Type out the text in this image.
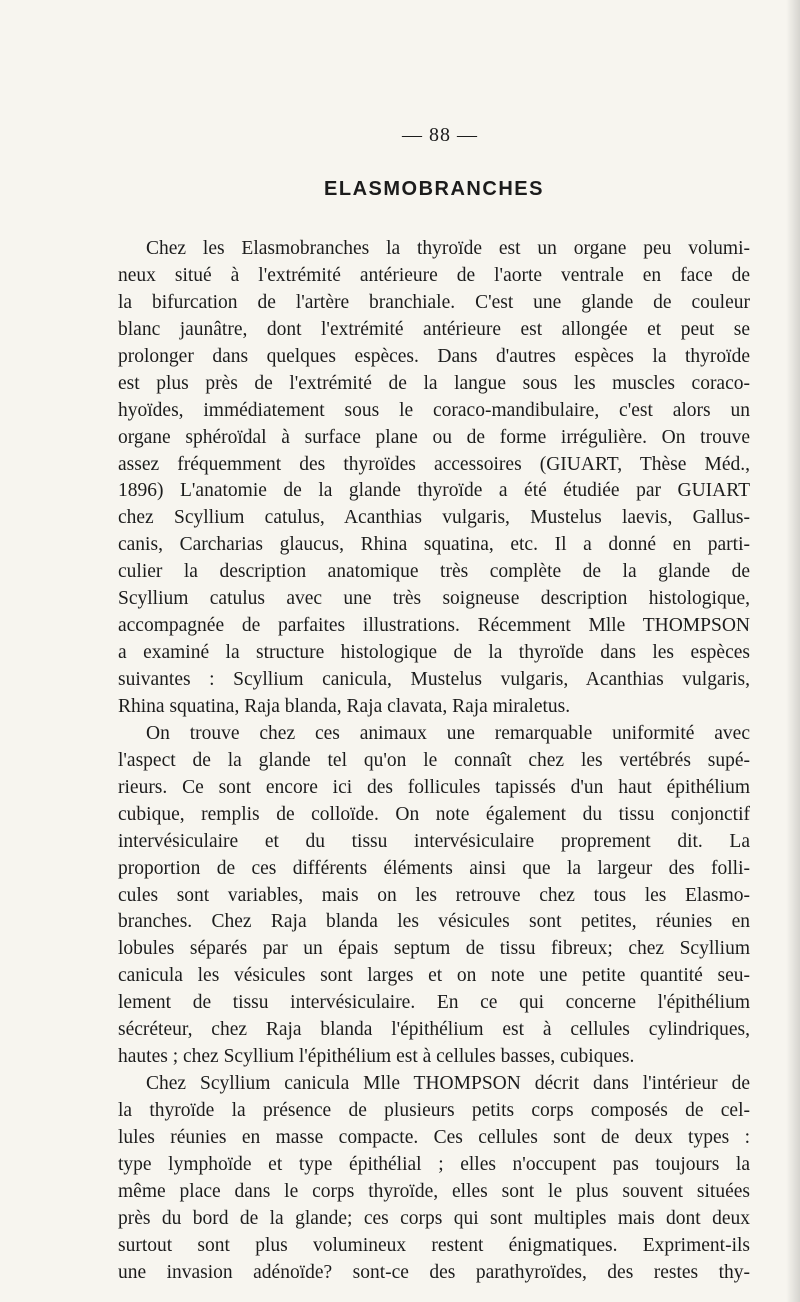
— 88 —
ELASMOBRANCHES
Chez les Elasmobranches la thyroïde est un organe peu volumi-
neux situé à l'extrémité antérieure de l'aorte ventrale en face de
la bifurcation de l'artère branchiale. C'est une glande de couleur
blanc jaunâtre, dont l'extrémité antérieure est allongée et peut se
prolonger dans quelques espèces. Dans d'autres espèces la thyroïde
est plus près de l'extrémité de la langue sous les muscles coraco-
hyoïdes, immédiatement sous le coraco-mandibulaire, c'est alors un
organe sphéroïdal à surface plane ou de forme irrégulière. On trouve
assez fréquemment des thyroïdes accessoires (GIUART, Thèse Méd.,
1896) L'anatomie de la glande thyroïde a été étudiée par GUIART
chez Scyllium catulus, Acanthias vulgaris, Mustelus laevis, Gallus-
canis, Carcharias glaucus, Rhina squatina, etc. Il a donné en parti-
culier la description anatomique très complète de la glande de
Scyllium catulus avec une très soigneuse description histologique,
accompagnée de parfaites illustrations. Récemment Mlle THOMPSON
a examiné la structure histologique de la thyroïde dans les espèces
suivantes : Scyllium canicula, Mustelus vulgaris, Acanthias vulgaris,
Rhina squatina, Raja blanda, Raja clavata, Raja miraletus.
On trouve chez ces animaux une remarquable uniformité avec
l'aspect de la glande tel qu'on le connaît chez les vertébrés supé-
rieurs. Ce sont encore ici des follicules tapissés d'un haut épithélium
cubique, remplis de colloïde. On note également du tissu conjonctif
intervésiculaire et du tissu intervésiculaire proprement dit. La
proportion de ces différents éléments ainsi que la largeur des folli-
cules sont variables, mais on les retrouve chez tous les Elasmo-
branches. Chez Raja blanda les vésicules sont petites, réunies en
lobules séparés par un épais septum de tissu fibreux; chez Scyllium
canicula les vésicules sont larges et on note une petite quantité seu-
lement de tissu intervésiculaire. En ce qui concerne l'épithélium
sécréteur, chez Raja blanda l'épithélium est à cellules cylindriques,
hautes ; chez Scyllium l'épithélium est à cellules basses, cubiques.
Chez Scyllium canicula Mlle THOMPSON décrit dans l'intérieur de
la thyroïde la présence de plusieurs petits corps composés de cel-
lules réunies en masse compacte. Ces cellules sont de deux types :
type lymphoïde et type épithélial ; elles n'occupent pas toujours la
même place dans le corps thyroïde, elles sont le plus souvent situées
près du bord de la glande; ces corps qui sont multiples mais dont deux
surtout sont plus volumineux restent énigmatiques. Expriment-ils
une invasion adénoïde? sont-ce des parathyroïdes, des restes thy-
